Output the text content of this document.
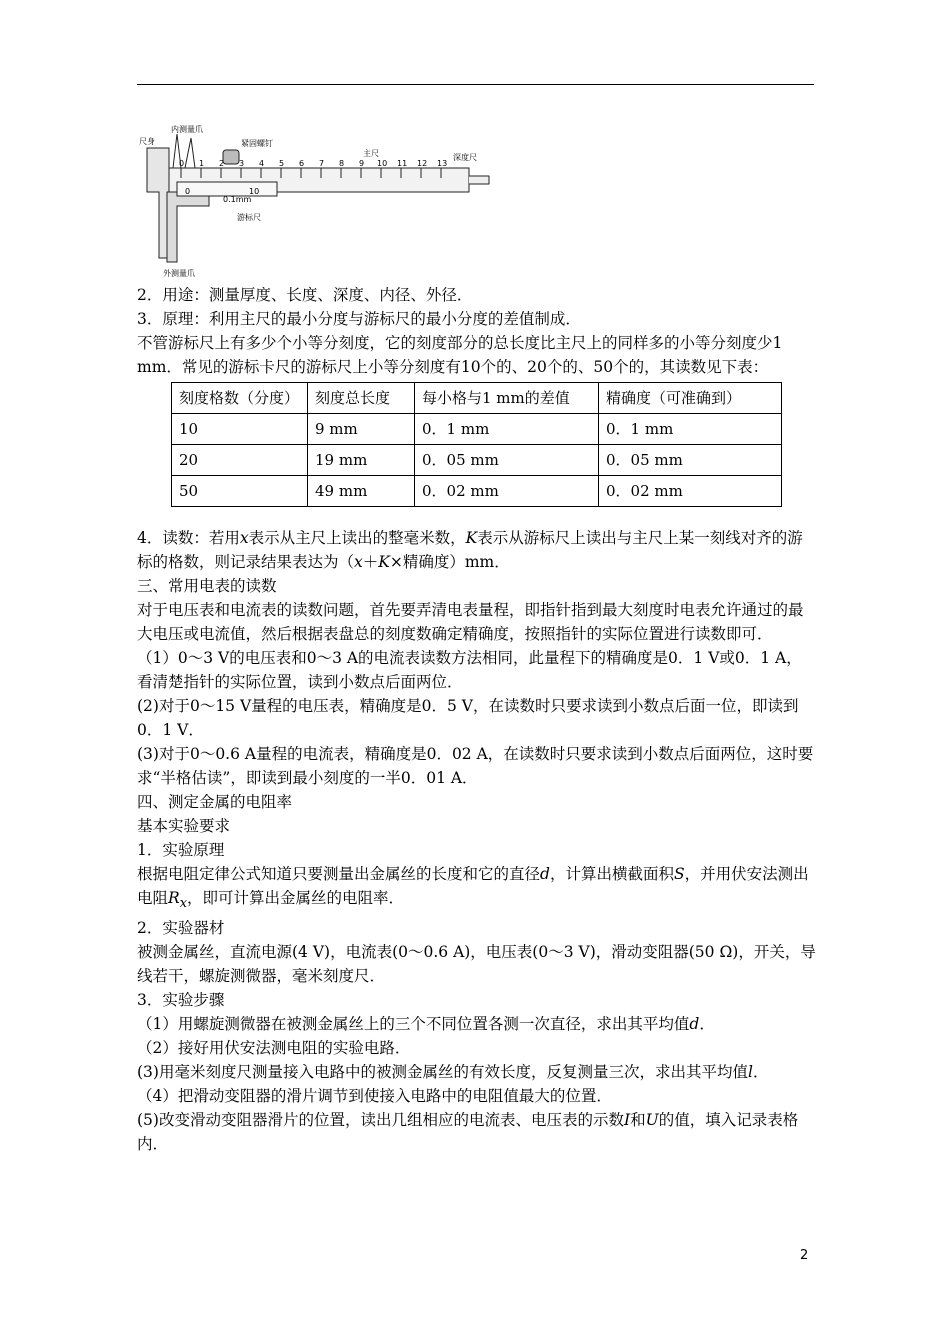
0 1 2 3 4 5 6 7 8 9 10 11 12 13
0	10
0.1mm
尺身
内测量爪
紧固螺钉
主尺	深度尺
游标尺
外测量爪

2．用途：测量厚度、长度、深度、内径、外径．

3．原理：利用主尺的最小分度与游标尺的最小分度的差值制成．

不管游标尺上有多少个小等分刻度，它的刻度部分的总长度比主尺上的同样多的小等分刻度少1 mm．常见的游标卡尺的游标尺上小等分刻度有10个的、20个的、50个的，其读数见下表：

刻度格数（分度）	刻度总长度	每小格与1 mm的差值	精确度（可准确到）
10	9 mm	0．1 mm	0．1 mm
20	19 mm	0．05 mm	0．05 mm
50	49 mm	0．02 mm	0．02 mm

4．读数：若用x表示从主尺上读出的整毫米数，K表示从游标尺上读出与主尺上某一刻线对齐的游标的格数，则记录结果表达为（x＋K×精确度）mm．

三、常用电表的读数

对于电压表和电流表的读数问题，首先要弄清电表量程，即指针指到最大刻度时电表允许通过的最大电压或电流值，然后根据表盘总的刻度数确定精确度，按照指针的实际位置进行读数即可．

（1）0～3 V的电压表和0～3 A的电流表读数方法相同，此量程下的精确度是0．1 V或0．1 A，看清楚指针的实际位置，读到小数点后面两位．

(2)对于0～15 V量程的电压表，精确度是0．5 V，在读数时只要求读到小数点后面一位，即读到0．1 V．

(3)对于0～0.6 A量程的电流表，精确度是0．02 A，在读数时只要求读到小数点后面两位，这时要求“半格估读”，即读到最小刻度的一半0．01 A．

四、测定金属的电阻率

基本实验要求

1．实验原理

根据电阻定律公式知道只要测量出金属丝的长度和它的直径d，计算出横截面积S，并用伏安法测出电阻$R_x$，即可计算出金属丝的电阻率．

2．实验器材

被测金属丝，直流电源(4 V)，电流表(0～0.6 A)，电压表(0～3 V)，滑动变阻器(50 Ω)，开关，导线若干，螺旋测微器，毫米刻度尺．

3．实验步骤

（1）用螺旋测微器在被测金属丝上的三个不同位置各测一次直径，求出其平均值d．

（2）接好用伏安法测电阻的实验电路．

(3)用毫米刻度尺测量接入电路中的被测金属丝的有效长度，反复测量三次，求出其平均值l．

（4）把滑动变阻器的滑片调节到使接入电路中的电阻值最大的位置．

(5)改变滑动变阻器滑片的位置，读出几组相应的电流表、电压表的示数I和U的值，填入记录表格内．

2
